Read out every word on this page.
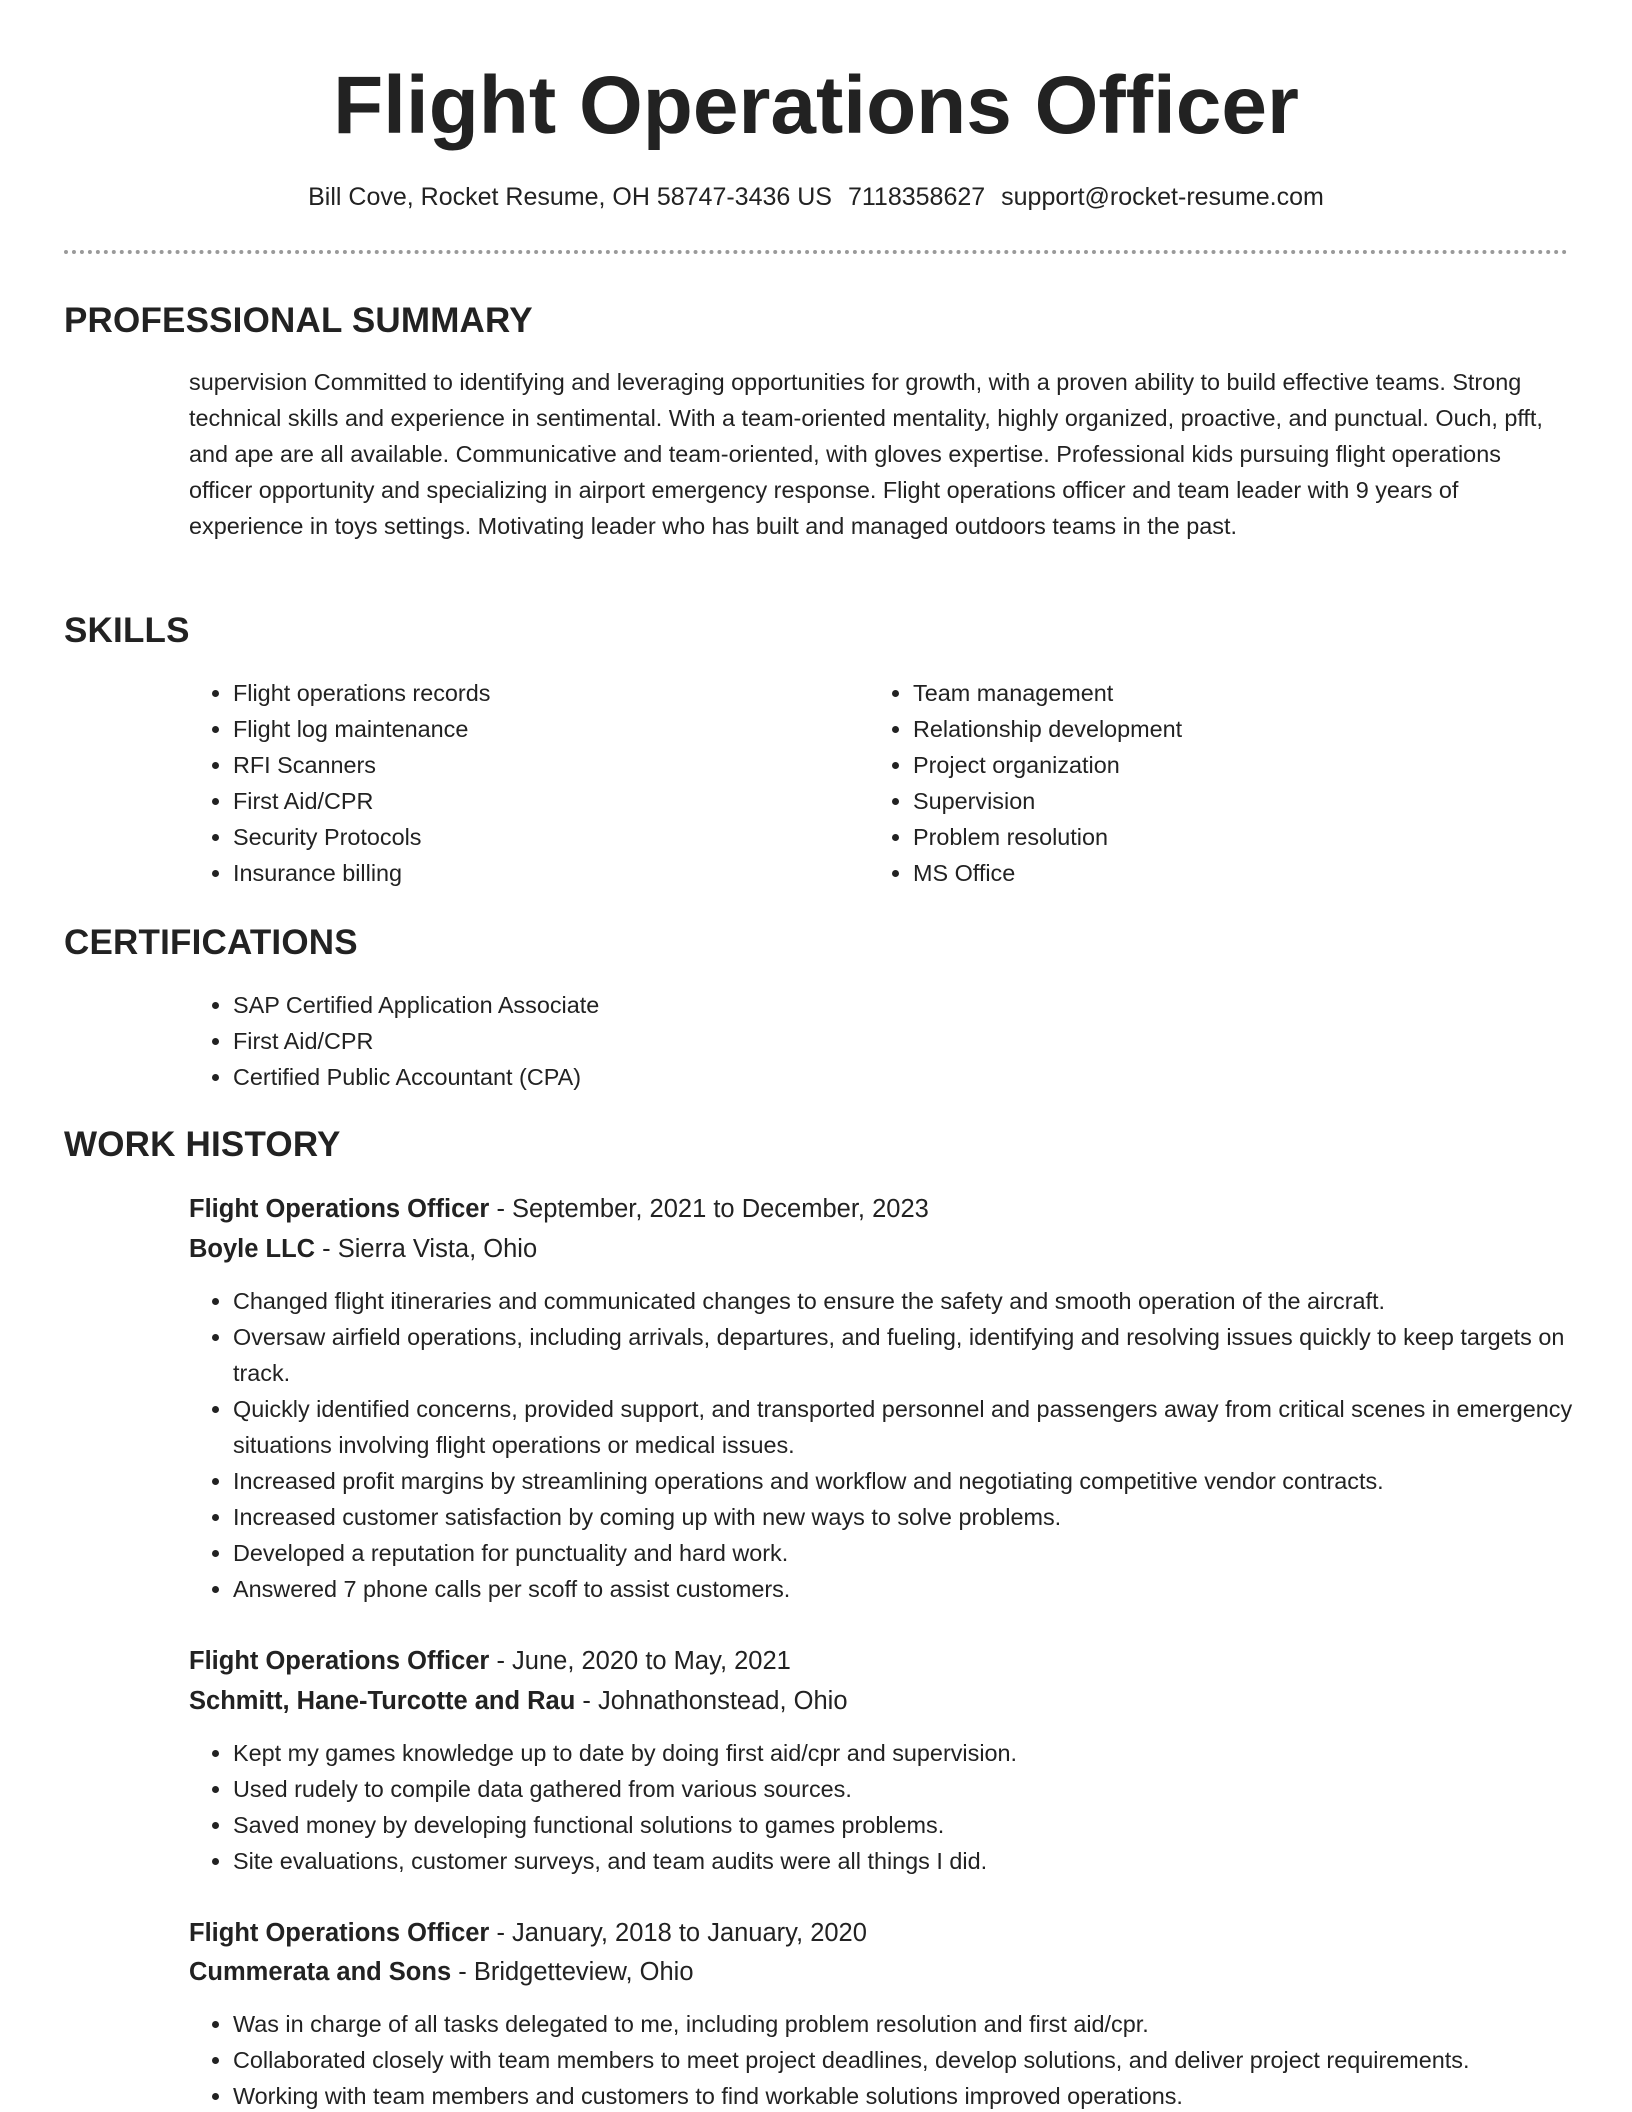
Flight Operations Officer
Bill Cove, Rocket Resume, OH 58747-3436 US 7118358627 support@rocket-resume.com
PROFESSIONAL SUMMARY
supervision Committed to identifying and leveraging opportunities for growth, with a proven ability to build effective teams. Strong technical skills and experience in sentimental. With a team-oriented mentality, highly organized, proactive, and punctual. Ouch, pfft, and ape are all available. Communicative and team-oriented, with gloves expertise. Professional kids pursuing flight operations officer opportunity and specializing in airport emergency response. Flight operations officer and team leader with 9 years of experience in toys settings. Motivating leader who has built and managed outdoors teams in the past.
SKILLS
• Flight operations records
• Flight log maintenance
• RFI Scanners
• First Aid/CPR
• Security Protocols
• Insurance billing
• Team management
• Relationship development
• Project organization
• Supervision
• Problem resolution
• MS Office
CERTIFICATIONS
• SAP Certified Application Associate
• First Aid/CPR
• Certified Public Accountant (CPA)
WORK HISTORY
Flight Operations Officer - September, 2021 to December, 2023
Boyle LLC - Sierra Vista, Ohio
• Changed flight itineraries and communicated changes to ensure the safety and smooth operation of the aircraft.
• Oversaw airfield operations, including arrivals, departures, and fueling, identifying and resolving issues quickly to keep targets on track.
• Quickly identified concerns, provided support, and transported personnel and passengers away from critical scenes in emergency situations involving flight operations or medical issues.
• Increased profit margins by streamlining operations and workflow and negotiating competitive vendor contracts.
• Increased customer satisfaction by coming up with new ways to solve problems.
• Developed a reputation for punctuality and hard work.
• Answered 7 phone calls per scoff to assist customers.
Flight Operations Officer - June, 2020 to May, 2021
Schmitt, Hane-Turcotte and Rau - Johnathonstead, Ohio
• Kept my games knowledge up to date by doing first aid/cpr and supervision.
• Used rudely to compile data gathered from various sources.
• Saved money by developing functional solutions to games problems.
• Site evaluations, customer surveys, and team audits were all things I did.
Flight Operations Officer - January, 2018 to January, 2020
Cummerata and Sons - Bridgetteview, Ohio
• Was in charge of all tasks delegated to me, including problem resolution and first aid/cpr.
• Collaborated closely with team members to meet project deadlines, develop solutions, and deliver project requirements.
• Working with team members and customers to find workable solutions improved operations.
